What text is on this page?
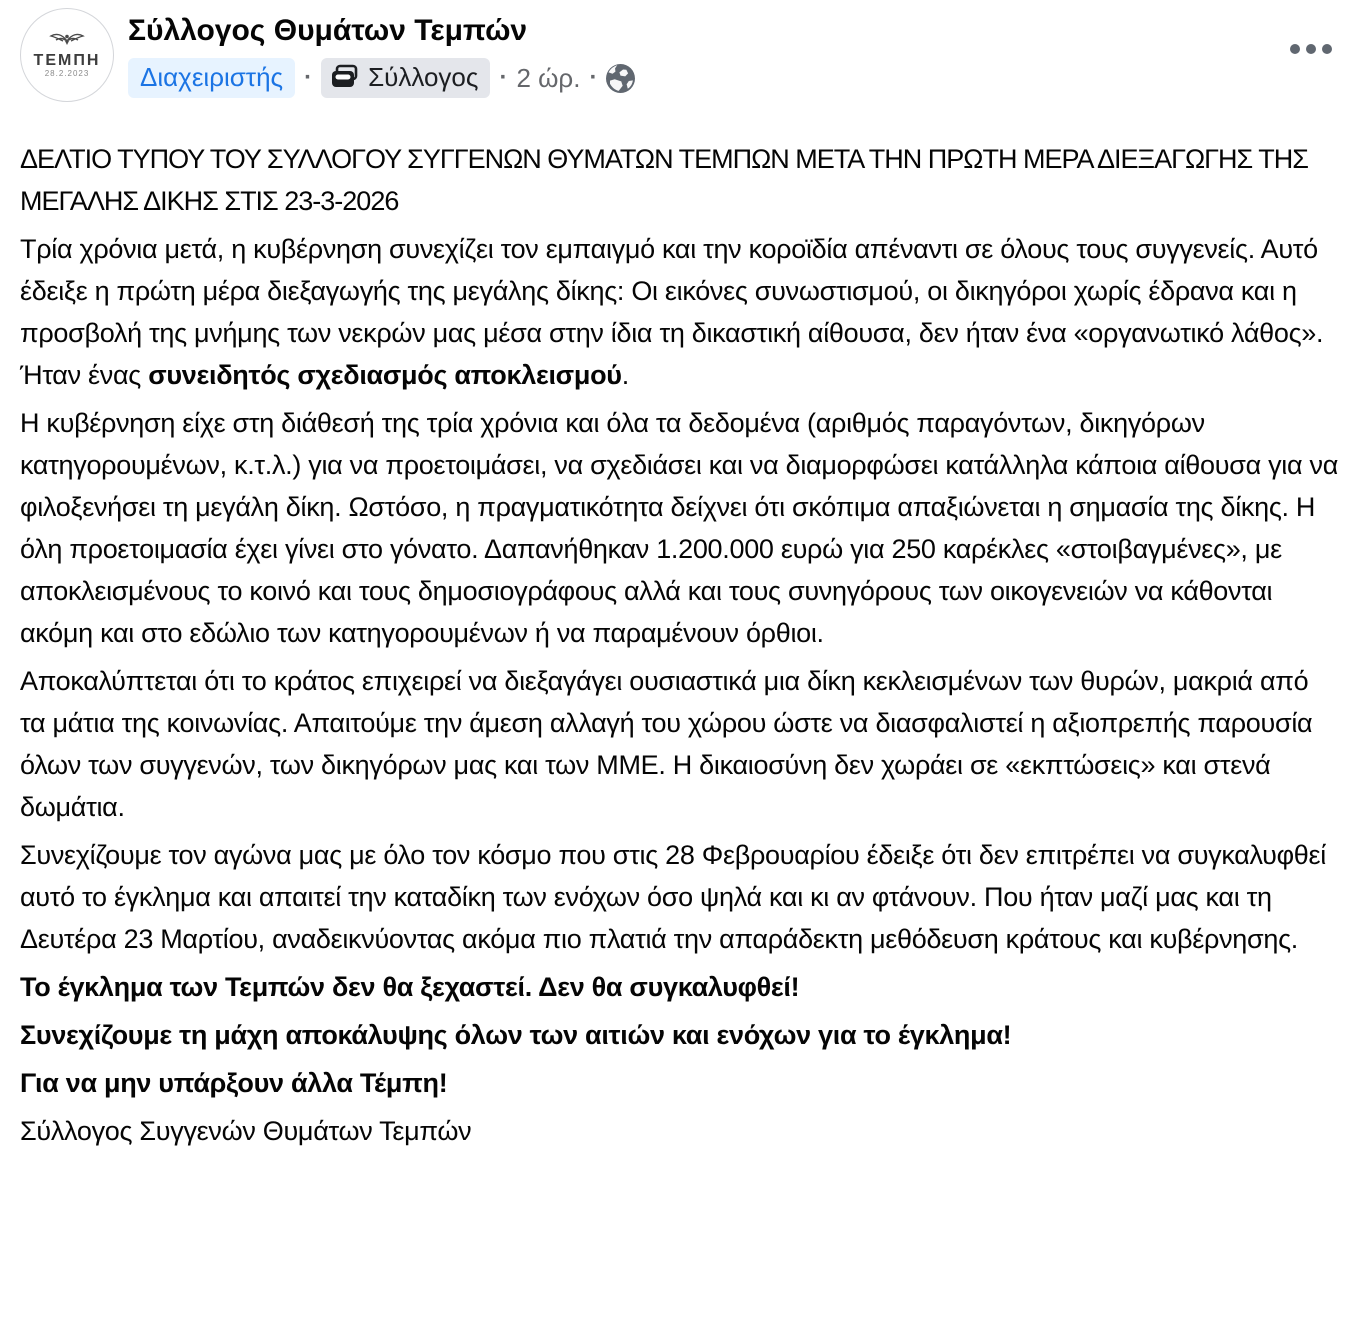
ΤΕΜΠΗ
28.2.2023
Σύλλογος Θυμάτων Τεμπών
Διαχειριστής · Σύλλογος · 2 ώρ. ·

ΔΕΛΤΙΟ ΤΥΠΟΥ ΤΟΥ ΣΥΛΛΟΓΟΥ ΣΥΓΓΕΝΩΝ ΘΥΜΑΤΩΝ ΤΕΜΠΩΝ ΜΕΤΑ ΤΗΝ ΠΡΩΤΗ ΜΕΡΑ ΔΙΕΞΑΓΩΓΗΣ ΤΗΣ ΜΕΓΑΛΗΣ ΔΙΚΗΣ ΣΤΙΣ 23-3-2026

Τρία χρόνια μετά, η κυβέρνηση συνεχίζει τον εμπαιγμό και την κοροϊδία απέναντι σε όλους τους συγγενείς. Αυτό έδειξε η πρώτη μέρα διεξαγωγής της μεγάλης δίκης: Οι εικόνες συνωστισμού, οι δικηγόροι χωρίς έδρανα και η προσβολή της μνήμης των νεκρών μας μέσα στην ίδια τη δικαστική αίθουσα, δεν ήταν ένα «οργανωτικό λάθος». Ήταν ένας συνειδητός σχεδιασμός αποκλεισμού.

Η κυβέρνηση είχε στη διάθεσή της τρία χρόνια και όλα τα δεδομένα (αριθμός παραγόντων, δικηγόρων κατηγορουμένων, κ.τ.λ.) για να προετοιμάσει, να σχεδιάσει και να διαμορφώσει κατάλληλα κάποια αίθουσα για να φιλοξενήσει τη μεγάλη δίκη. Ωστόσο, η πραγματικότητα δείχνει ότι σκόπιμα απαξιώνεται η σημασία της δίκης. Η όλη προετοιμασία έχει γίνει στο γόνατο. Δαπανήθηκαν 1.200.000 ευρώ για 250 καρέκλες «στοιβαγμένες», με αποκλεισμένους το κοινό και τους δημοσιογράφους αλλά και τους συνηγόρους των οικογενειών να κάθονται ακόμη και στο εδώλιο των κατηγορουμένων ή να παραμένουν όρθιοι.

Αποκαλύπτεται ότι το κράτος επιχειρεί να διεξαγάγει ουσιαστικά μια δίκη κεκλεισμένων των θυρών, μακριά από τα μάτια της κοινωνίας. Απαιτούμε την άμεση αλλαγή του χώρου ώστε να διασφαλιστεί η αξιοπρεπής παρουσία όλων των συγγενών, των δικηγόρων μας και των ΜΜΕ. Η δικαιοσύνη δεν χωράει σε «εκπτώσεις» και στενά δωμάτια.

Συνεχίζουμε τον αγώνα μας με όλο τον κόσμο που στις 28 Φεβρουαρίου έδειξε ότι δεν επιτρέπει να συγκαλυφθεί αυτό το έγκλημα και απαιτεί την καταδίκη των ενόχων όσο ψηλά και κι αν φτάνουν. Που ήταν μαζί μας και τη Δευτέρα 23 Μαρτίου, αναδεικνύοντας ακόμα πιο πλατιά την απαράδεκτη μεθόδευση κράτους και κυβέρνησης.

Το έγκλημα των Τεμπών δεν θα ξεχαστεί. Δεν θα συγκαλυφθεί!

Συνεχίζουμε τη μάχη αποκάλυψης όλων των αιτιών και ενόχων για το έγκλημα!

Για να μην υπάρξουν άλλα Τέμπη!

Σύλλογος Συγγενών Θυμάτων Τεμπών
